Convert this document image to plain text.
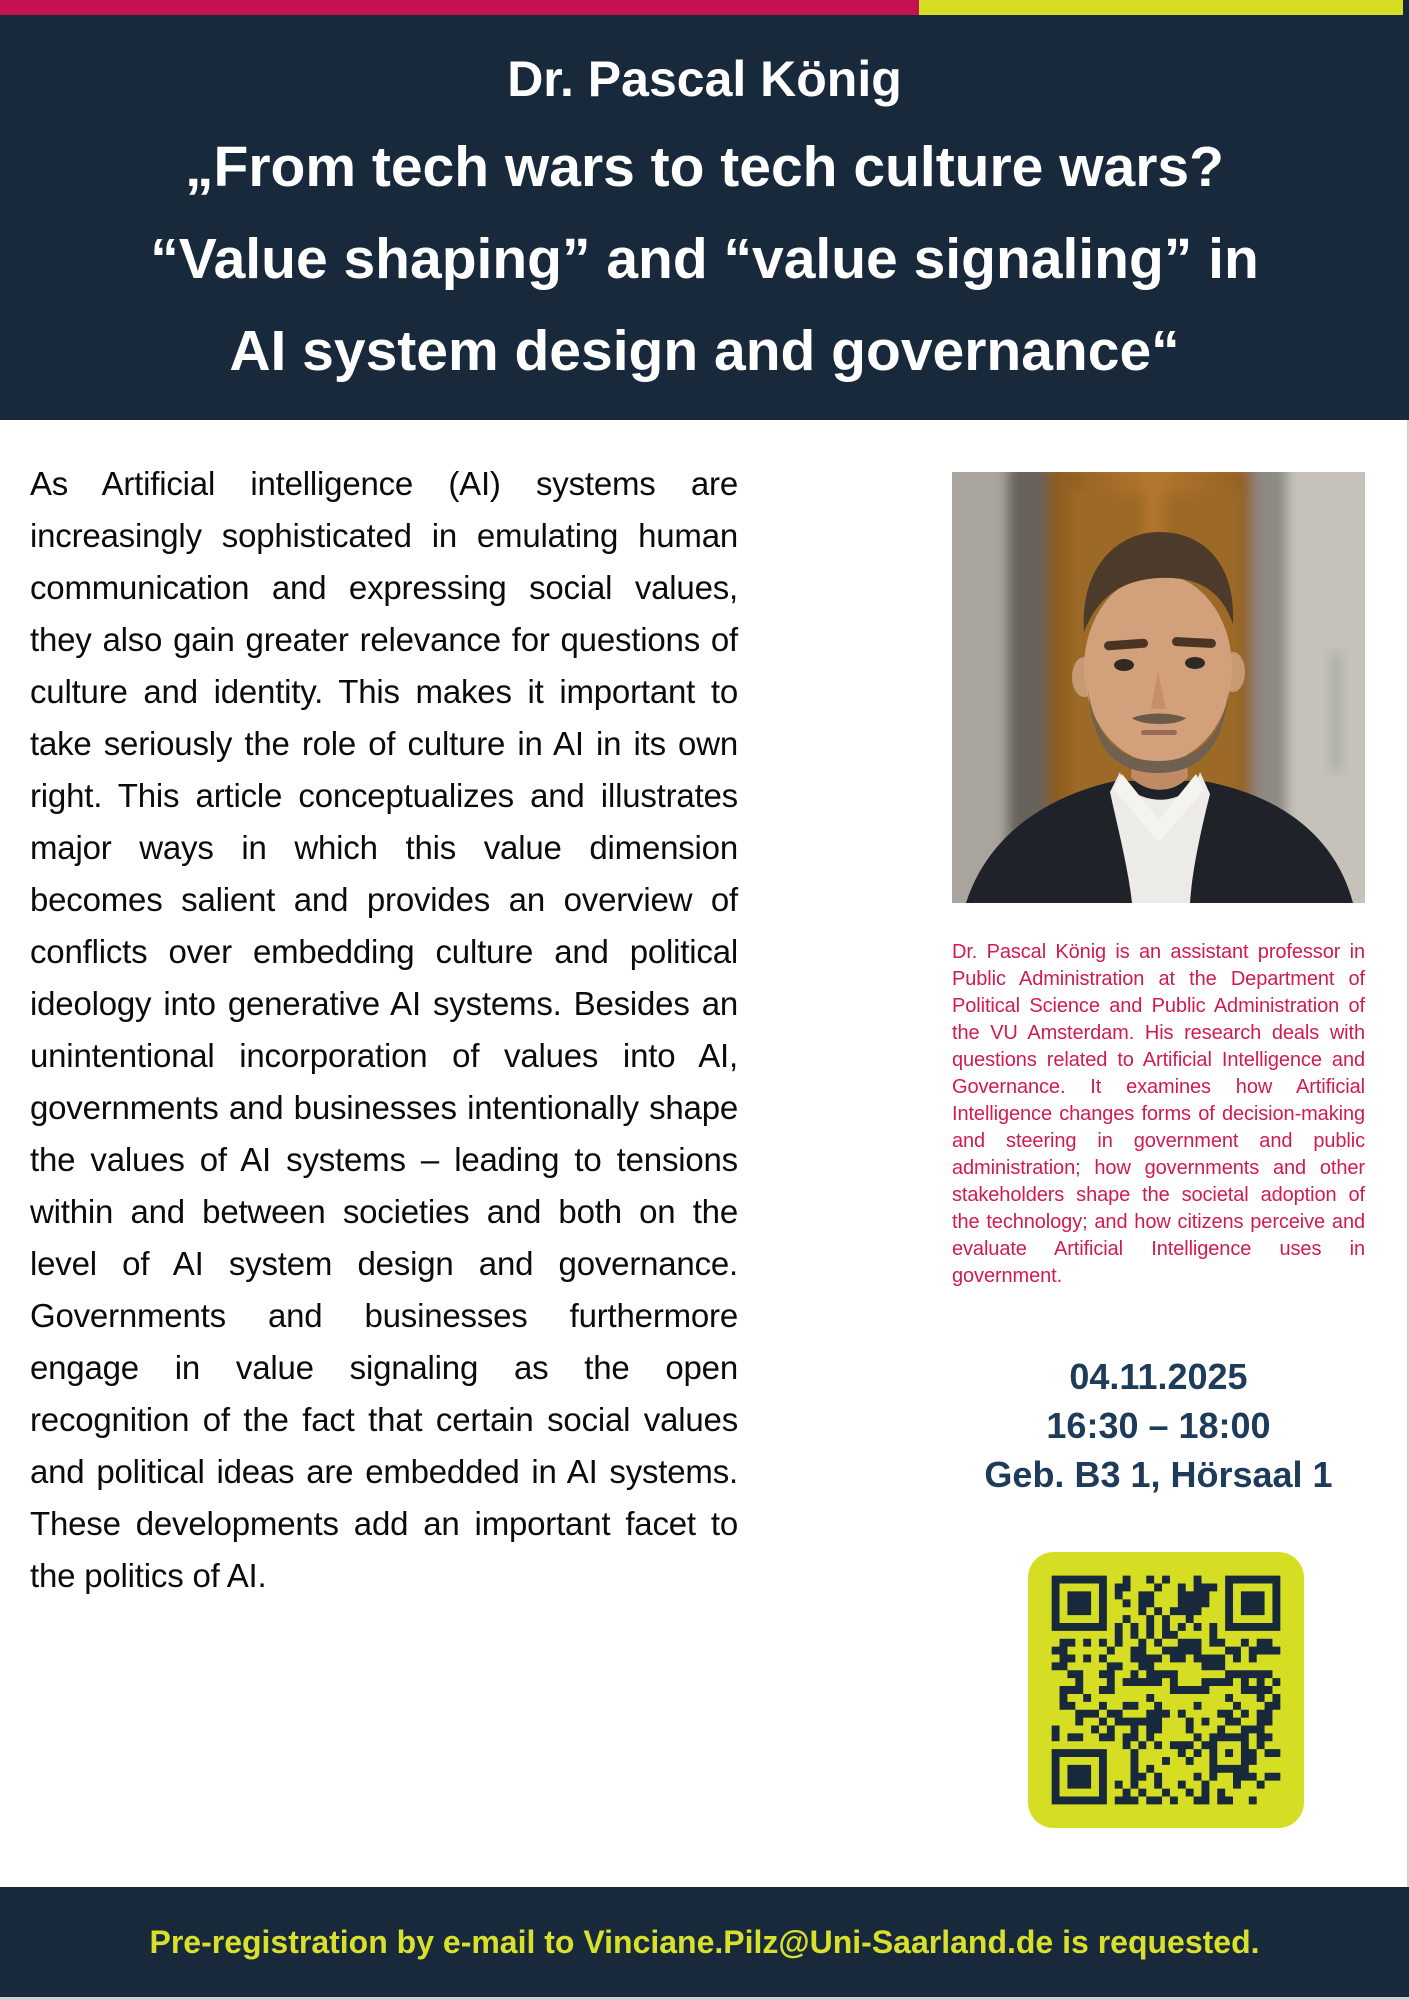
Dr. Pascal König
„From tech wars to tech culture wars?
“Value shaping” and “value signaling” in
AI system design and governance“

As Artificial intelligence (AI) systems are increasingly sophisticated in emulating human communication and expressing social values, they also gain greater relevance for questions of culture and identity. This makes it important to take seriously the role of culture in AI in its own right. This article conceptualizes and illustrates major ways in which this value dimension becomes salient and provides an overview of conflicts over embedding culture and political ideology into generative AI systems. Besides an unintentional incorporation of values into AI, governments and businesses intentionally shape the values of AI systems – leading to tensions within and between societies and both on the level of AI system design and governance. Governments and businesses furthermore engage in value signaling as the open recognition of the fact that certain social values and political ideas are embedded in AI systems. These developments add an important facet to the politics of AI.

Dr. Pascal König is an assistant professor in Public Administration at the Department of Political Science and Public Administration of the VU Amsterdam. His research deals with questions related to Artificial Intelligence and Governance. It examines how Artificial Intelligence changes forms of decision-making and steering in government and public administration; how governments and other stakeholders shape the societal adoption of the technology; and how citizens perceive and evaluate Artificial Intelligence uses in government.

04.11.2025
16:30 – 18:00
Geb. B3 1, Hörsaal 1

Pre-registration by e-mail to Vinciane.Pilz@Uni-Saarland.de is requested.
